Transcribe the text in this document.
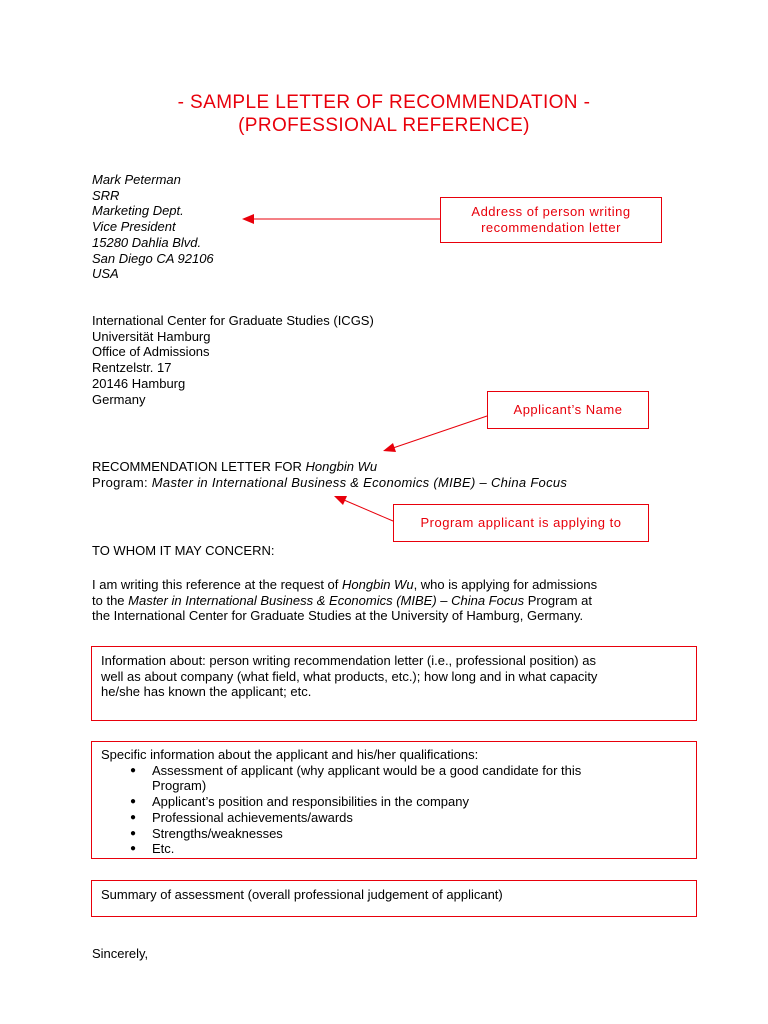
- SAMPLE LETTER OF RECOMMENDATION -
(PROFESSIONAL REFERENCE)
Mark Peterman
SRR
Marketing Dept.
Vice President
15280 Dahlia Blvd.
San Diego CA 92106
USA
Address of person writing recommendation letter
International Center for Graduate Studies (ICGS)
Universität Hamburg
Office of Admissions
Rentzelstr. 17
20146 Hamburg
Germany
Applicant’s Name
RECOMMENDATION LETTER FOR Hongbin Wu
Program: Master in International Business & Economics (MIBE) – China Focus
Program applicant is applying to
TO WHOM IT MAY CONCERN:
I am writing this reference at the request of Hongbin Wu, who is applying for admissions
to the Master in International Business & Economics (MIBE) – China Focus Program at
the International Center for Graduate Studies at the University of Hamburg, Germany.
Information about: person writing recommendation letter (i.e., professional position) as
well as about company (what field, what products, etc.); how long and in what capacity
he/she has known the applicant; etc.
Specific information about the applicant and his/her qualifications:
● Assessment of applicant (why applicant would be a good candidate for this Program)
● Applicant’s position and responsibilities in the company
● Professional achievements/awards
● Strengths/weaknesses
● Etc.
Summary of assessment (overall professional judgement of applicant)
Sincerely,
